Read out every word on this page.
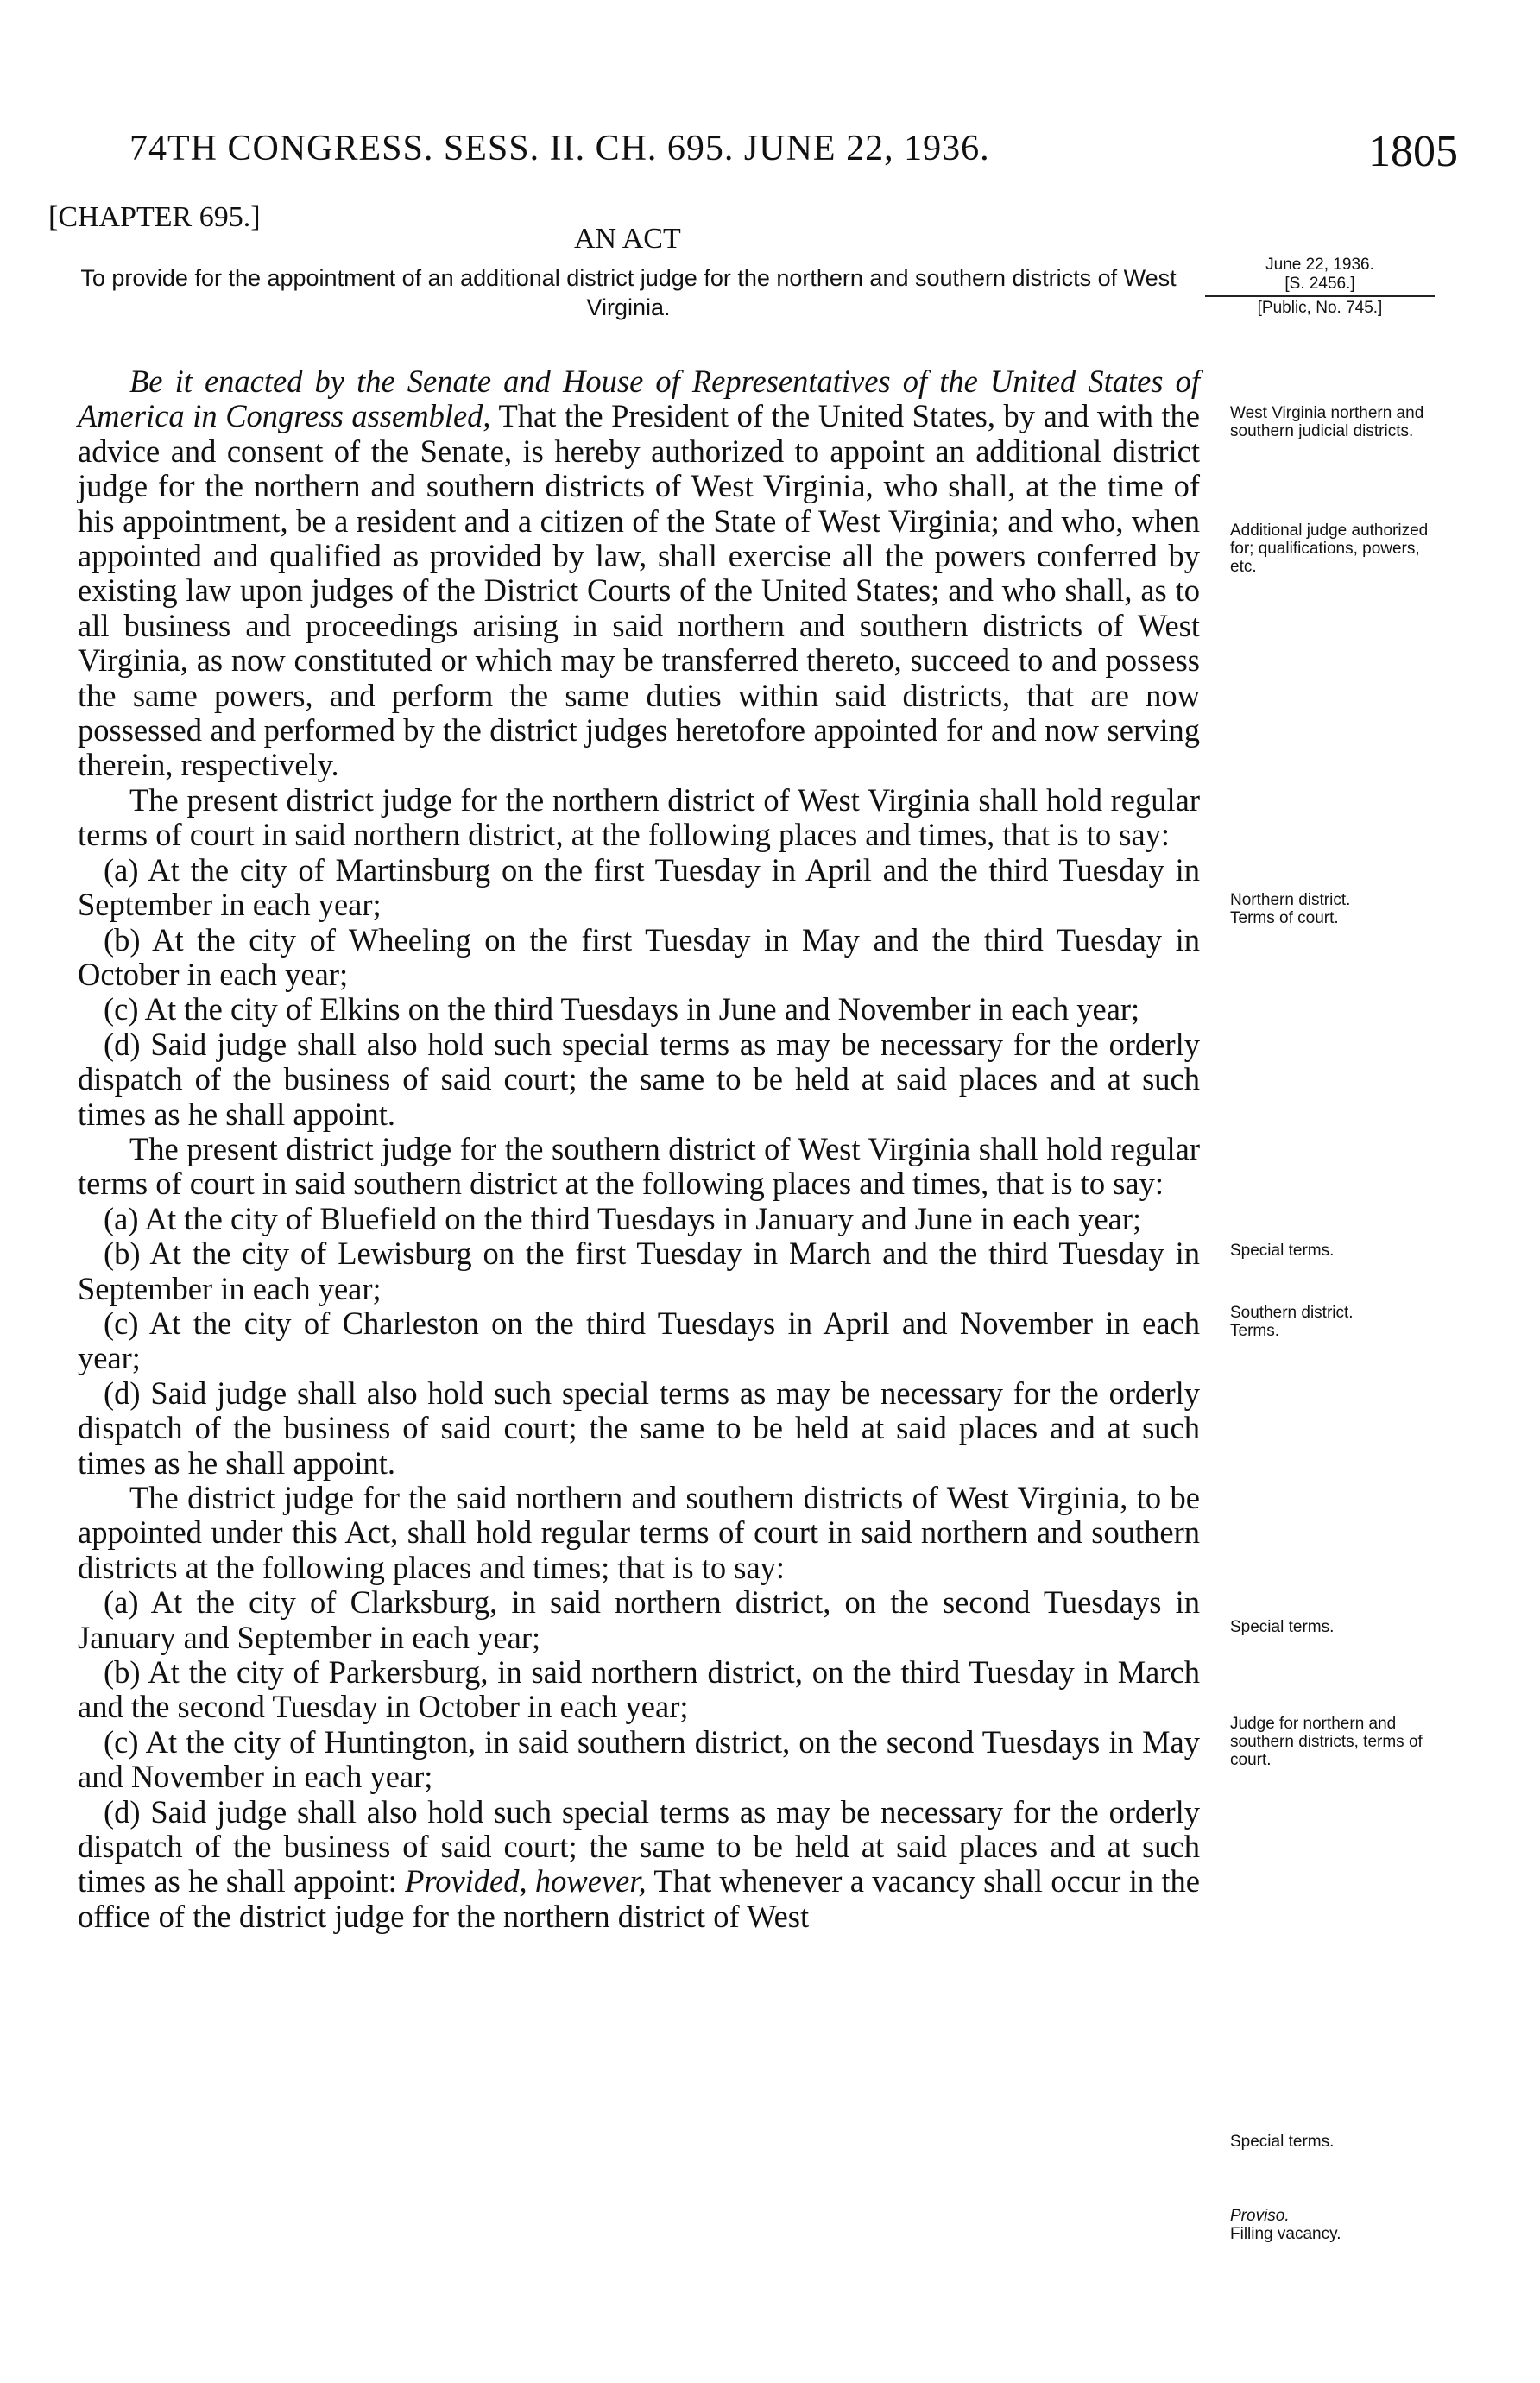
74TH CONGRESS. SESS. II. CH. 695. JUNE 22, 1936.	1805
[CHAPTER 695.]
AN ACT
To provide for the appointment of an additional district judge for the northern and southern districts of West Virginia.
June 22, 1936.
[S. 2456.]
[Public, No. 745.]

Be it enacted by the Senate and House of Representatives of the United States of America in Congress assembled, That the President of the United States, by and with the advice and consent of the Senate, is hereby authorized to appoint an additional district judge for the northern and southern districts of West Virginia, who shall, at the time of his appointment, be a resident and a citizen of the State of West Virginia; and who, when appointed and qualified as provided by law, shall exercise all the powers conferred by existing law upon judges of the District Courts of the United States; and who shall, as to all business and proceedings arising in said northern and southern districts of West Virginia, as now constituted or which may be transferred thereto, succeed to and possess the same powers, and perform the same duties within said districts, that are now possessed and performed by the district judges heretofore appointed for and now serving therein, respectively.

The present district judge for the northern district of West Virginia shall hold regular terms of court in said northern district, at the following places and times, that is to say:

(a) At the city of Martinsburg on the first Tuesday in April and the third Tuesday in September in each year;

(b) At the city of Wheeling on the first Tuesday in May and the third Tuesday in October in each year;

(c) At the city of Elkins on the third Tuesdays in June and November in each year;

(d) Said judge shall also hold such special terms as may be necessary for the orderly dispatch of the business of said court; the same to be held at said places and at such times as he shall appoint.

The present district judge for the southern district of West Virginia shall hold regular terms of court in said southern district at the following places and times, that is to say:

(a) At the city of Bluefield on the third Tuesdays in January and June in each year;

(b) At the city of Lewisburg on the first Tuesday in March and the third Tuesday in September in each year;

(c) At the city of Charleston on the third Tuesdays in April and November in each year;

(d) Said judge shall also hold such special terms as may be necessary for the orderly dispatch of the business of said court; the same to be held at said places and at such times as he shall appoint.

The district judge for the said northern and southern districts of West Virginia, to be appointed under this Act, shall hold regular terms of court in said northern and southern districts at the following places and times; that is to say:

(a) At the city of Clarksburg, in said northern district, on the second Tuesdays in January and September in each year;

(b) At the city of Parkersburg, in said northern district, on the third Tuesday in March and the second Tuesday in October in each year;

(c) At the city of Huntington, in said southern district, on the second Tuesdays in May and November in each year;

(d) Said judge shall also hold such special terms as may be necessary for the orderly dispatch of the business of said court; the same to be held at said places and at such times as he shall appoint: Provided, however, That whenever a vacancy shall occur in the office of the district judge for the northern district of West

West Virginia northern and southern judicial districts.
Additional judge authorized for; qualifications, powers, etc.
Northern district.
Terms of court.
Special terms.
Southern district.
Terms.
Special terms.
Judge for northern and southern districts, terms of court.
Special terms.
Proviso.
Filling vacancy.
